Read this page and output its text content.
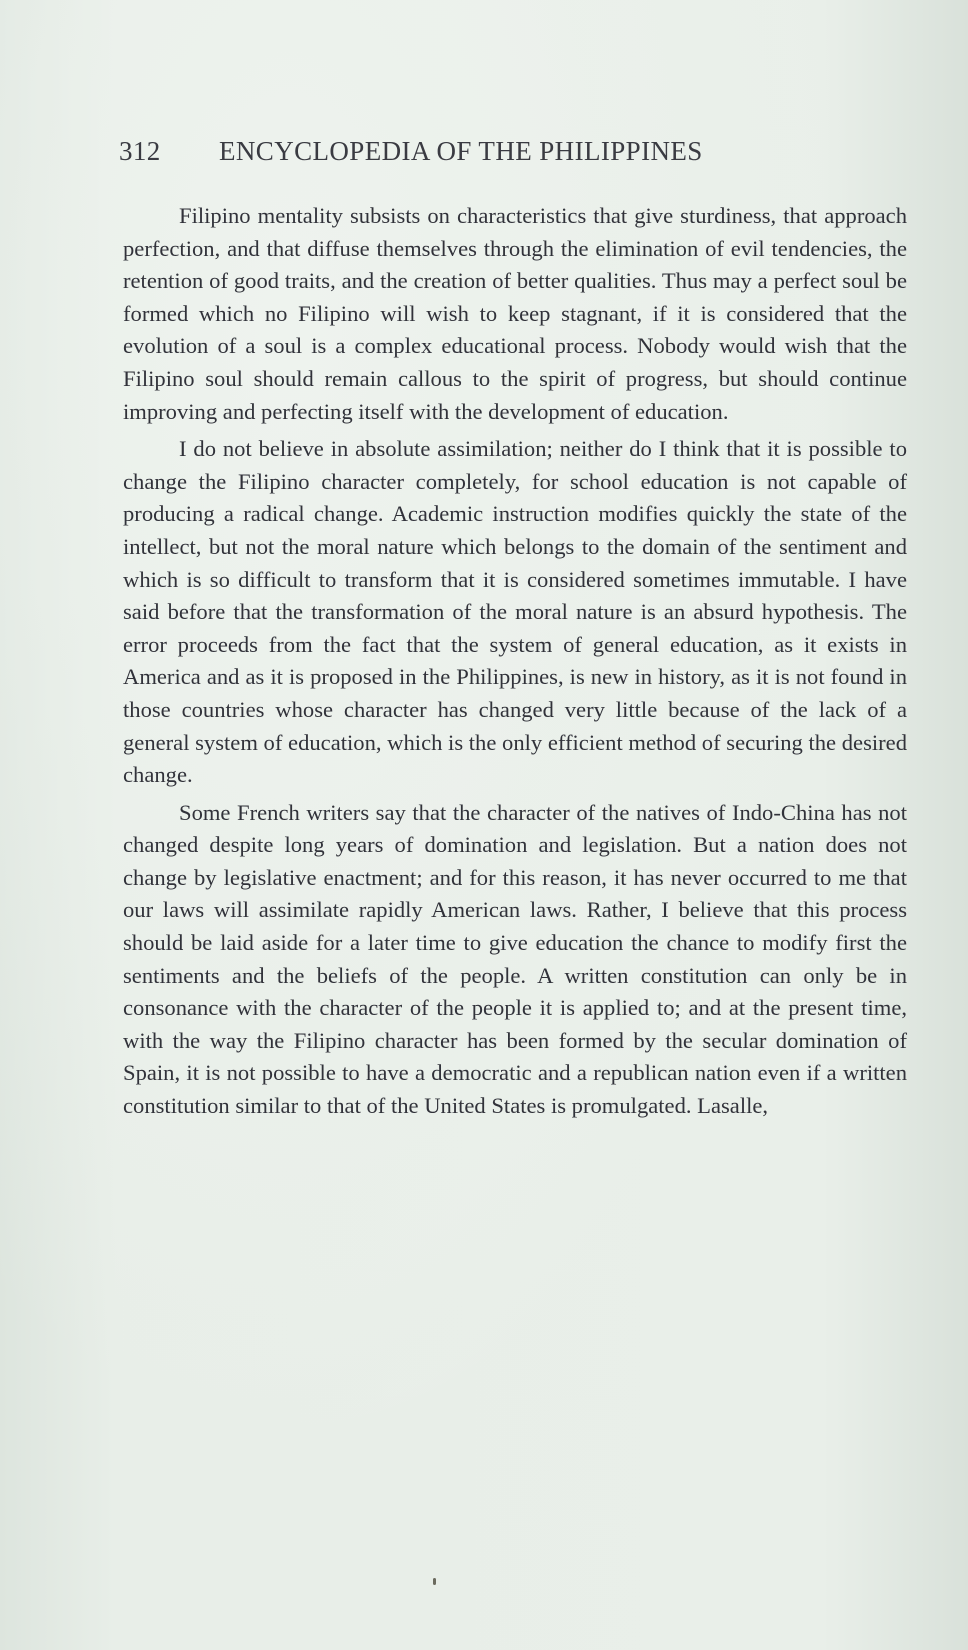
312 ENCYCLOPEDIA OF THE PHILIPPINES

Filipino mentality subsists on characteristics that give sturdiness, that approach perfection, and that diffuse themselves through the elimination of evil tendencies, the retention of good traits, and the creation of better qualities. Thus may a perfect soul be formed which no Filipino will wish to keep stagnant, if it is considered that the evolution of a soul is a complex educational process. Nobody would wish that the Filipino soul should remain callous to the spirit of progress, but should continue improving and perfecting itself with the development of education.

I do not believe in absolute assimilation; neither do I think that it is possible to change the Filipino character completely, for school education is not capable of producing a radical change. Academic instruction modifies quickly the state of the intellect, but not the moral nature which belongs to the domain of the sentiment and which is so difficult to transform that it is considered sometimes immutable. I have said before that the transformation of the moral nature is an absurd hypothesis. The error proceeds from the fact that the system of general education, as it exists in America and as it is proposed in the Philippines, is new in history, as it is not found in those countries whose character has changed very little because of the lack of a general system of education, which is the only efficient method of securing the desired change.

Some French writers say that the character of the natives of Indo-China has not changed despite long years of domination and legislation. But a nation does not change by legislative enactment; and for this reason, it has never occurred to me that our laws will assimilate rapidly American laws. Rather, I believe that this process should be laid aside for a later time to give education the chance to modify first the sentiments and the beliefs of the people. A written constitution can only be in consonance with the character of the people it is applied to; and at the present time, with the way the Filipino character has been formed by the secular domination of Spain, it is not possible to have a democratic and a republican nation even if a written constitution similar to that of the United States is promulgated. Lasalle,
